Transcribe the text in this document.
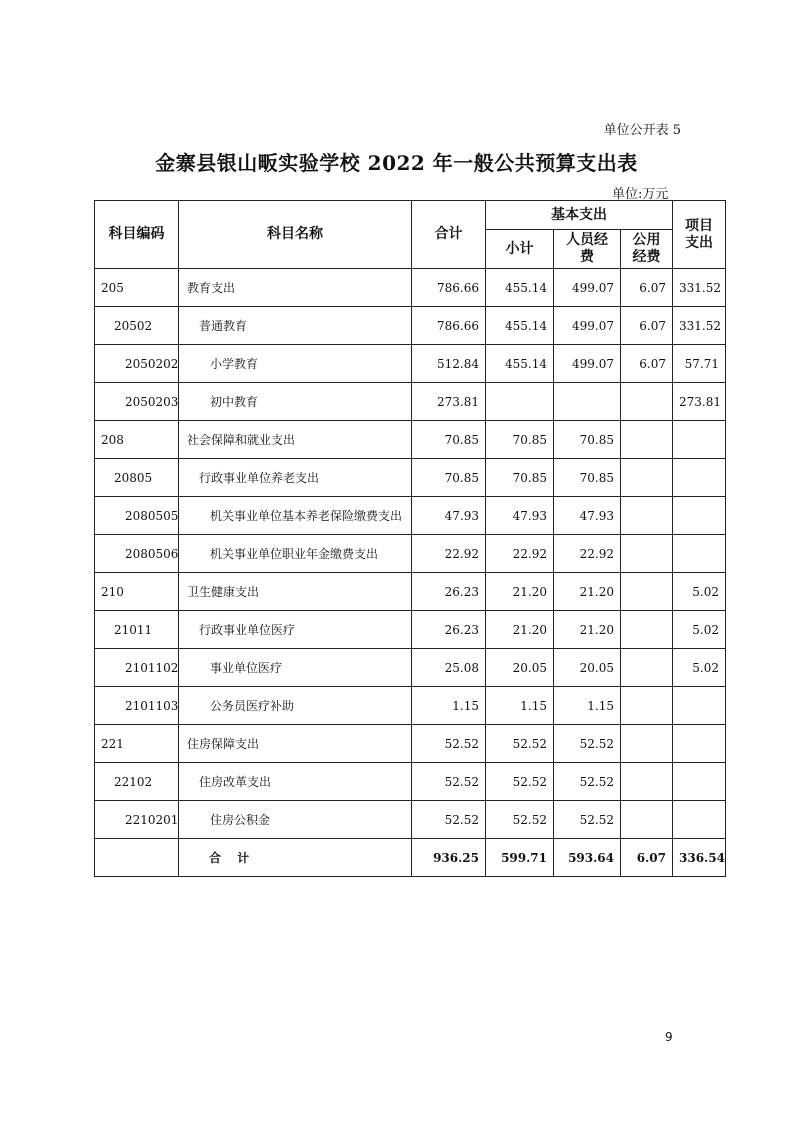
单位公开表 5
金寨县银山畈实验学校 2022 年一般公共预算支出表
单位:万元
科目编码	科目名称	合计	基本支出			项目支出

			小计	人员经费	公用经费	

205	教育支出	786.66	455.14	499.07	6.07	331.52
20502	普通教育	786.66	455.14	499.07	6.07	331.52
2050202	小学教育	512.84	455.14	499.07	6.07	57.71
2050203	初中教育	273.81				273.81
208	社会保障和就业支出	70.85	70.85	70.85		
20805	行政事业单位养老支出	70.85	70.85	70.85		
2080505	机关事业单位基本养老保险缴费支出	47.93	47.93	47.93		
2080506	机关事业单位职业年金缴费支出	22.92	22.92	22.92		
210	卫生健康支出	26.23	21.20	21.20		5.02
21011	行政事业单位医疗	26.23	21.20	21.20		5.02
2101102	事业单位医疗	25.08	20.05	20.05		5.02
2101103	公务员医疗补助	1.15	1.15	1.15		
221	住房保障支出	52.52	52.52	52.52		
22102	住房改革支出	52.52	52.52	52.52		
2210201	住房公积金	52.52	52.52	52.52		
	合 计	936.25	599.71	593.64	6.07	336.54
9
